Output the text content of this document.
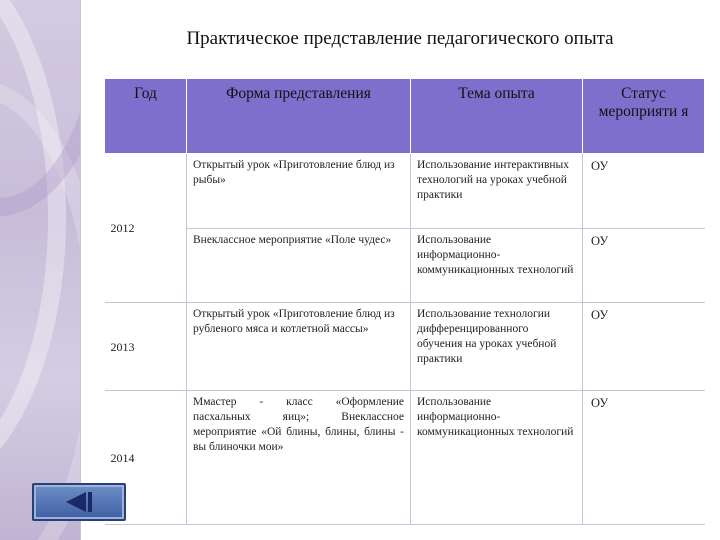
Практическое представление педагогического опыта
Год	Форма представления	Тема опыта	Статус мероприяти я
2012	Открытый урок «Приготовление блюд из рыбы»	Использование интерактивных технологий на уроках учебной практики	ОУ
	Внеклассное мероприятие «Поле чудес»	Использование информационно-коммуникационных технологий	ОУ
2013	Открытый урок «Приготовление блюд из рубленого мяса и котлетной массы»	Использование технологии дифференцированного обучения на уроках учебной практики	ОУ
2014	Ммастер - класс «Оформление пасхальных яиц»; Внеклассное мероприятие «Ой блины, блины, блины - вы блиночки мои»	Использование информационно-коммуникационных технологий	ОУ
